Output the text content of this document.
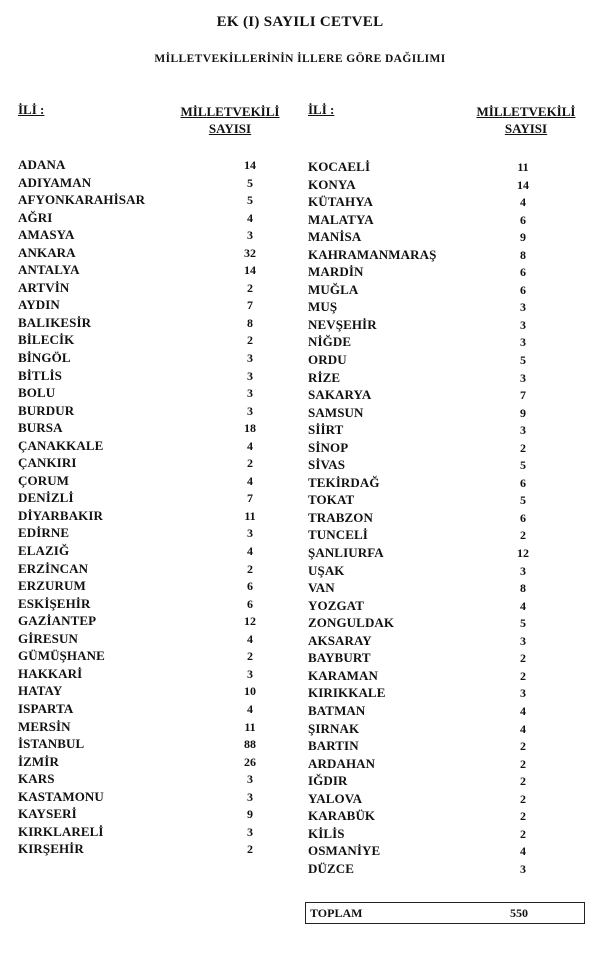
EK (I) SAYILI CETVEL
MİLLETVEKİLLERİNİN İLLERE GÖRE DAĞILIMI
İLİ :	MİLLETVEKİLİ
SAYISI
İLİ :	MİLLETVEKİLİ
SAYISI
ADANA	14
ADIYAMAN	5
AFYONKARAHİSAR	5
AĞRI	4
AMASYA	3
ANKARA	32
ANTALYA	14
ARTVİN	2
AYDIN	7
BALIKESİR	8
BİLECİK	2
BİNGÖL	3
BİTLİS	3
BOLU	3
BURDUR	3
BURSA	18
ÇANAKKALE	4
ÇANKIRI	2
ÇORUM	4
DENİZLİ	7
DİYARBAKIR	11
EDİRNE	3
ELAZIĞ	4
ERZİNCAN	2
ERZURUM	6
ESKİŞEHİR	6
GAZİANTEP	12
GİRESUN	4
GÜMÜŞHANE	2
HAKKARİ	3
HATAY	10
ISPARTA	4
MERSİN	11
İSTANBUL	88
İZMİR	26
KARS	3
KASTAMONU	3
KAYSERİ	9
KIRKLARELİ	3
KIRŞEHİR	2
KOCAELİ	11
KONYA	14
KÜTAHYA	4
MALATYA	6
MANİSA	9
KAHRAMANMARAŞ	8
MARDİN	6
MUĞLA	6
MUŞ	3
NEVŞEHİR	3
NİĞDE	3
ORDU	5
RİZE	3
SAKARYA	7
SAMSUN	9
SİİRT	3
SİNOP	2
SİVAS	5
TEKİRDAĞ	6
TOKAT	5
TRABZON	6
TUNCELİ	2
ŞANLIURFA	12
UŞAK	3
VAN	8
YOZGAT	4
ZONGULDAK	5
AKSARAY	3
BAYBURT	2
KARAMAN	2
KIRIKKALE	3
BATMAN	4
ŞIRNAK	4
BARTIN	2
ARDAHAN	2
IĞDIR	2
YALOVA	2
KARABÜK	2
KİLİS	2
OSMANİYE	4
DÜZCE	3
TOPLAM	550
